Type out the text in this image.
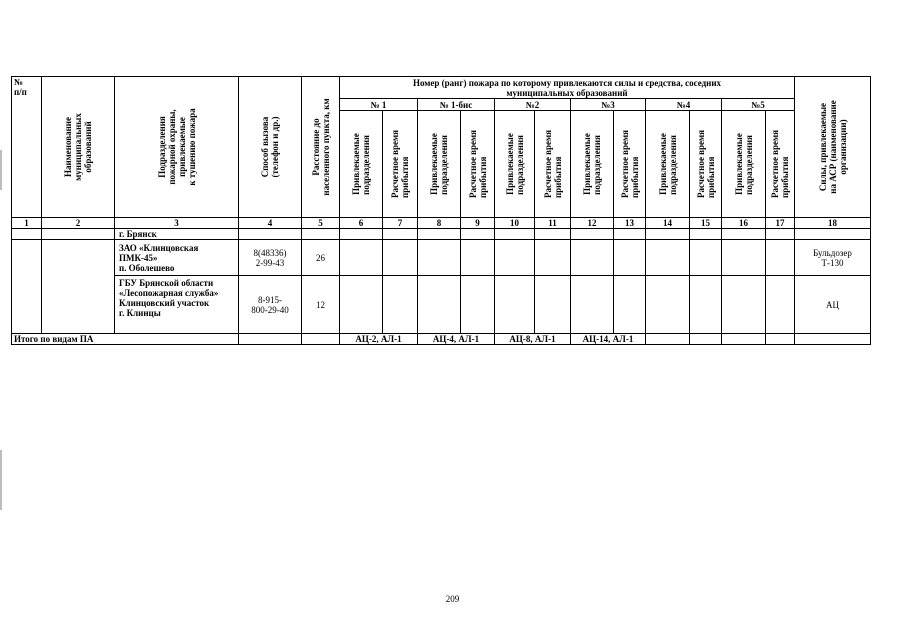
№
п/п	Наименование
муниципальных
образований	Подразделения
пожарной охраны,
привлекаемые
к тушению пожара	Способ вызова
(телефон и др.)	Расстояние до
населенного пункта, км	Номер (ранг) пожара по которому привлекаются силы и средства, соседних муниципальных образований												Силы, привлекаемые
на АСР (наименование
организации)

					№ 1		№ 1-бис		№2		№3		№4		№5		

					Привлекаемые
подразделения	Расчетное время
прибытия	Привлекаемые
подразделения	Расчетное время
прибытия	Привлекаемые
подразделения	Расчетное время
прибытия	Привлекаемые
подразделения	Расчетное время
прибытия	Привлекаемые
подразделения	Расчетное время
прибытия	Привлекаемые
подразделения	Расчетное время
прибытия	

1	2	3	4	5	6	7	8	9	10	11	12	13	14	15	16	17	18
		г. Брянск															
		ЗАО «Клинцовская ПМК-45»
п. Оболешево	8(48336)
2-99-43	26													Бульдозер
Т-130
		ГБУ Брянской области «Лесопожарная служба» Клинцовский участок
г. Клинцы	8-915-
800-29-40	12													АЦ
Итого по видам ПА					АЦ-2, АЛ-1		АЦ-4, АЛ-1		АЦ-8, АЛ-1		АЦ-14, АЛ-1						
209
